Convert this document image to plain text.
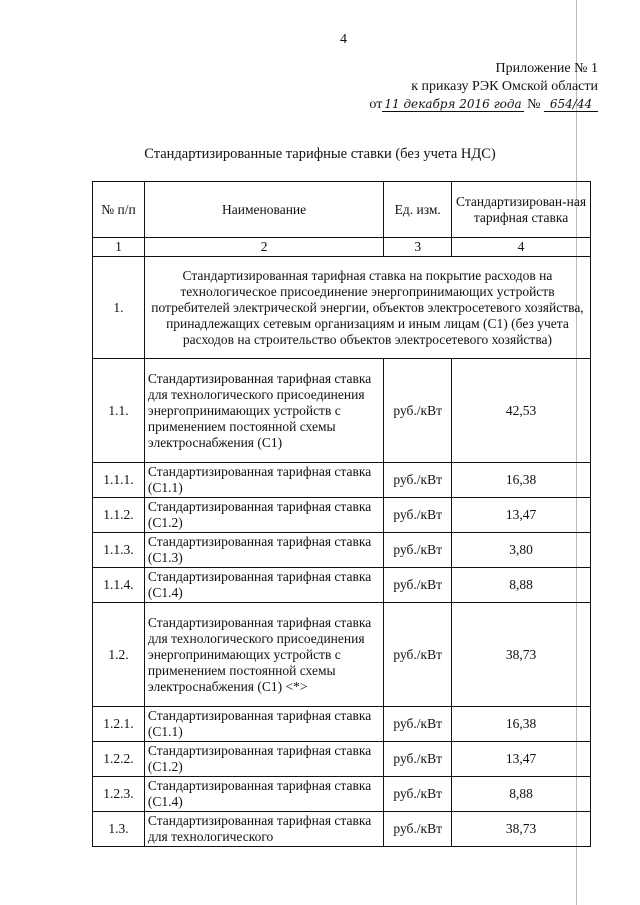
4
Приложение № 1
к приказу РЭК Омской области
от 11 декабря 2016 года № 654/44
Стандартизированные тарифные ставки (без учета НДС)
№ п/п	Наименование	Ед. изм.	Стандартизирован-ная тарифная ставка
1	2	3	4
1.	Стандартизированная тарифная ставка на покрытие расходов на технологическое присоединение энергопринимающих устройств потребителей электрической энергии, объектов электросетевого хозяйства, принадлежащих сетевым организациям и иным лицам (С1) (без учета расходов на строительство объектов электросетевого хозяйства)		
1.1.	Стандартизированная тарифная ставка для технологического присоединения энергопринимающих устройств с применением постоянной схемы электроснабжения (С1)	руб./кВт	42,53
1.1.1.	Стандартизированная тарифная ставка (С1.1)	руб./кВт	16,38
1.1.2.	Стандартизированная тарифная ставка (С1.2)	руб./кВт	13,47
1.1.3.	Стандартизированная тарифная ставка (С1.3)	руб./кВт	3,80
1.1.4.	Стандартизированная тарифная ставка (С1.4)	руб./кВт	8,88
1.2.	Стандартизированная тарифная ставка для технологического присоединения энергопринимающих устройств с применением постоянной схемы электроснабжения (С1) <*>	руб./кВт	38,73
1.2.1.	Стандартизированная тарифная ставка (С1.1)	руб./кВт	16,38
1.2.2.	Стандартизированная тарифная ставка (С1.2)	руб./кВт	13,47
1.2.3.	Стандартизированная тарифная ставка (С1.4)	руб./кВт	8,88
1.3.	Стандартизированная тарифная ставка для технологического	руб./кВт	38,73
